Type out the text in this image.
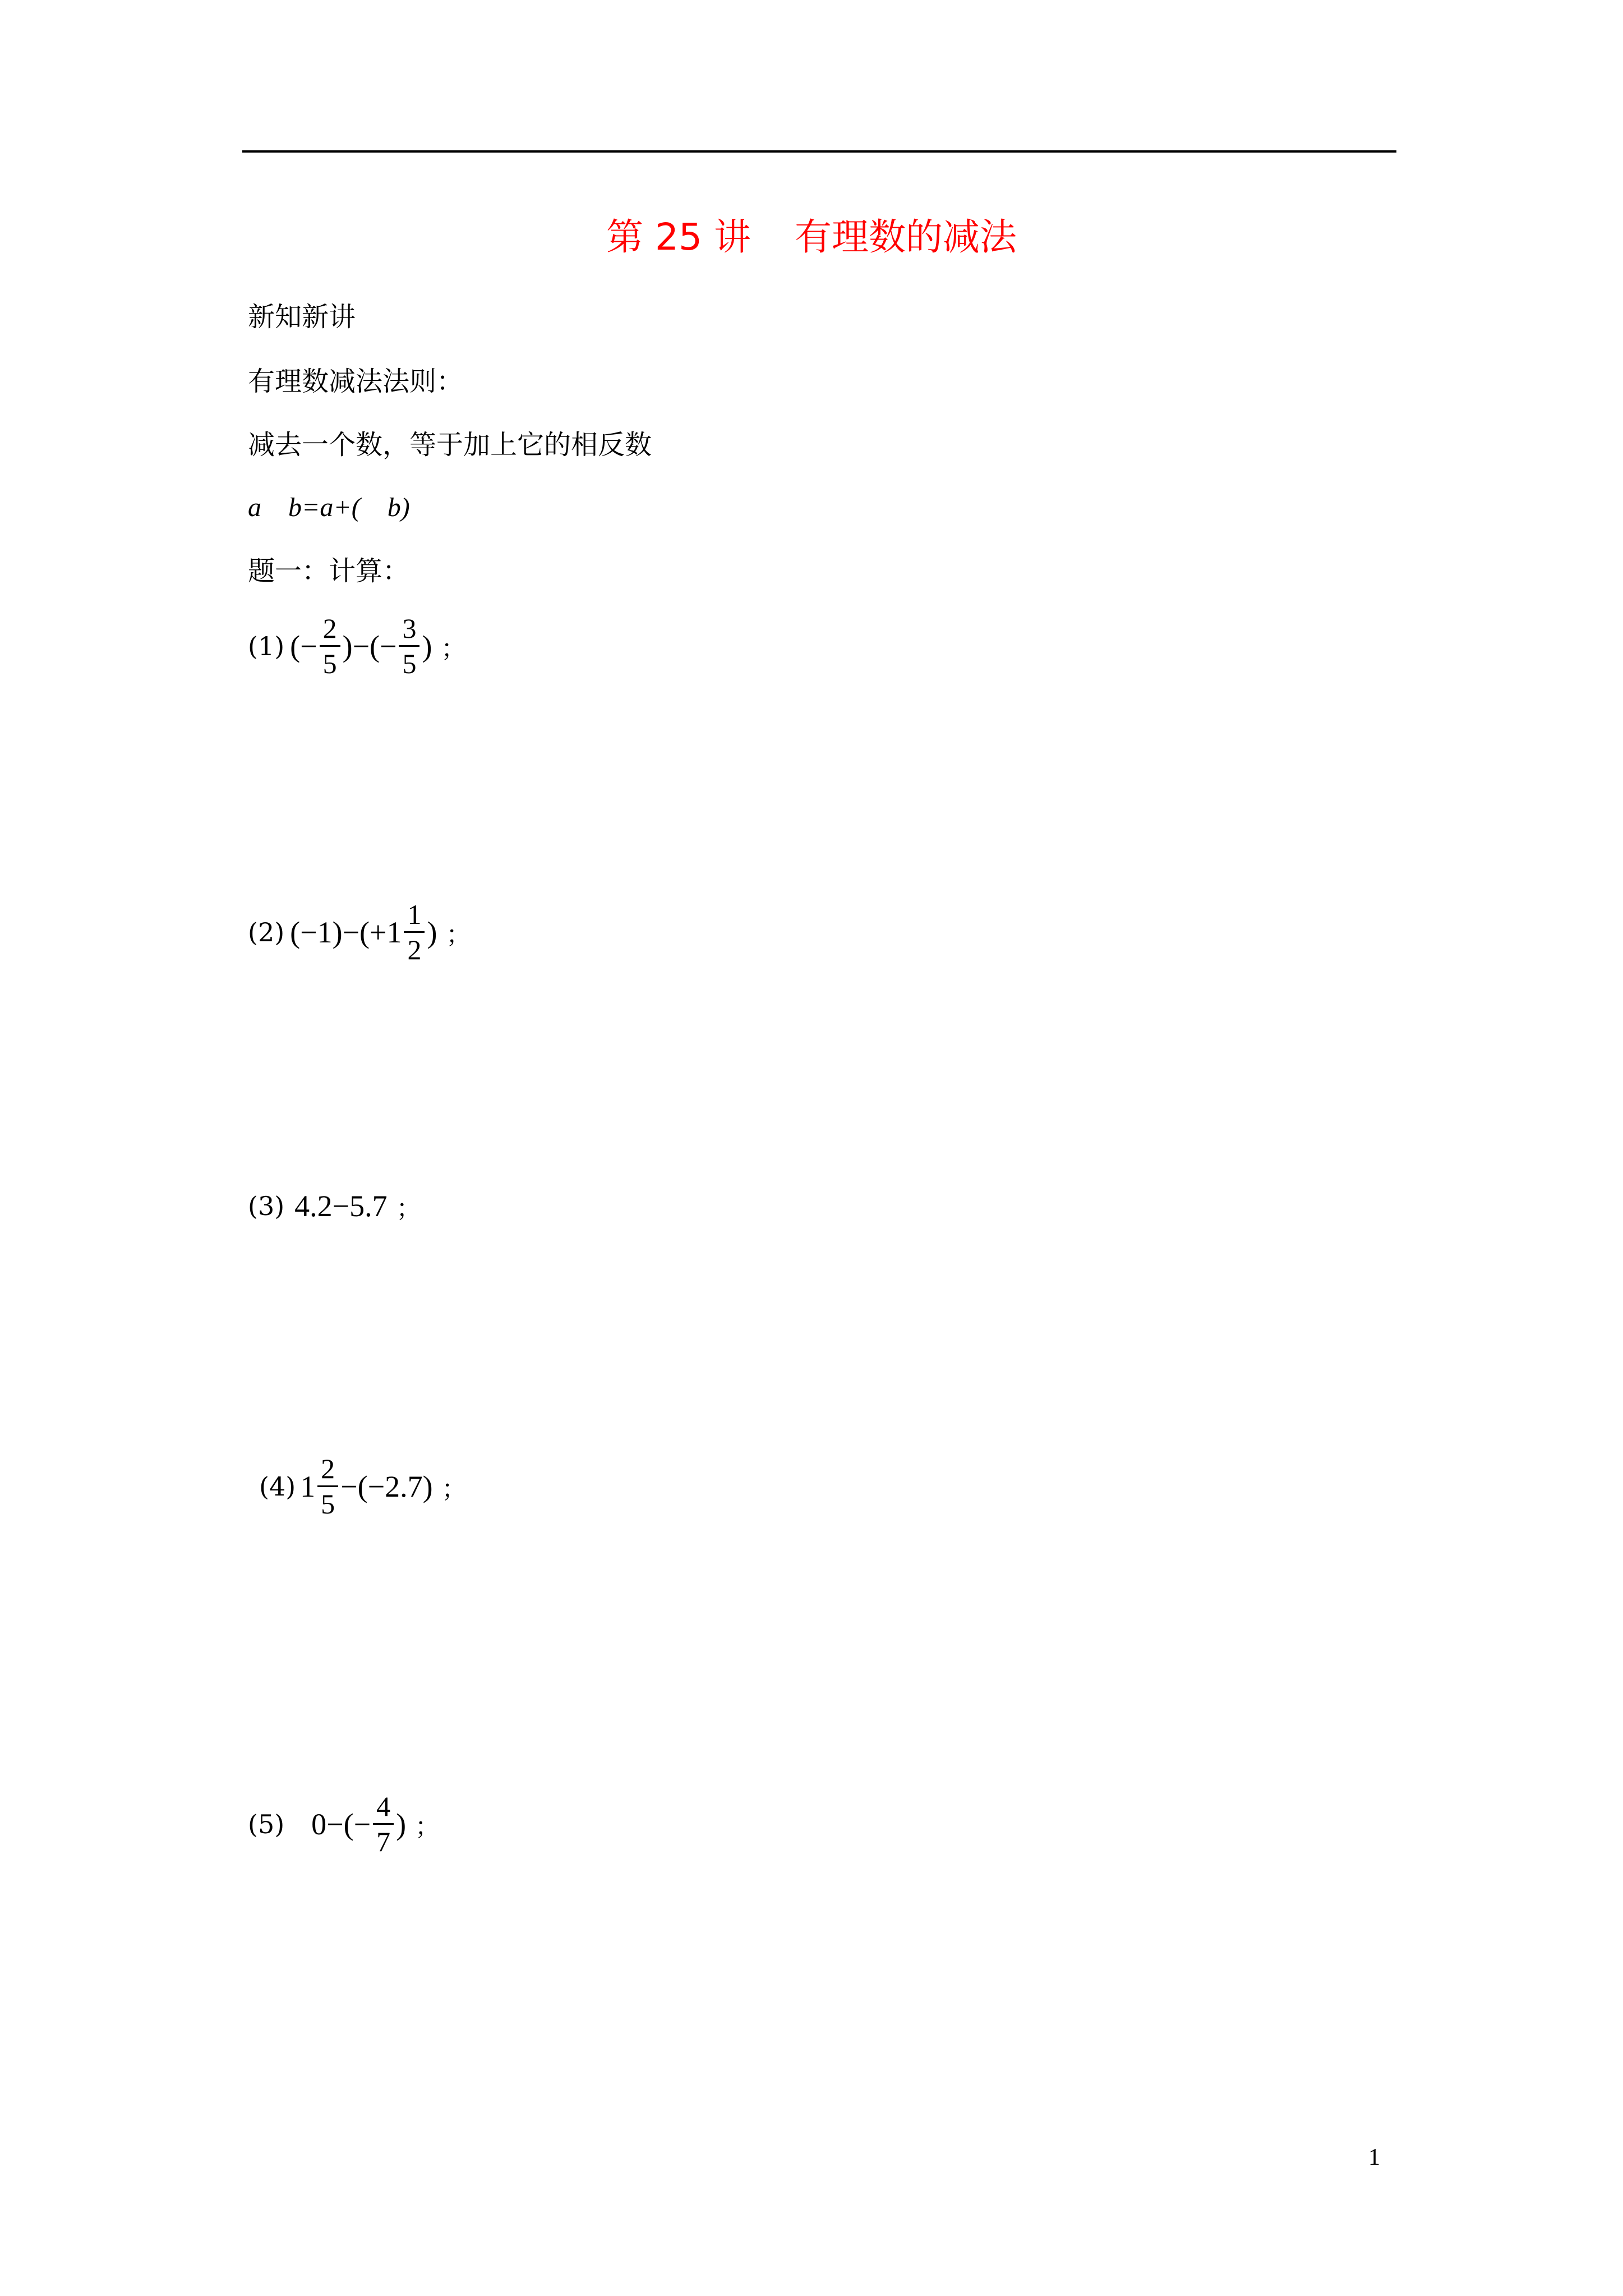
第 25 讲 有理数的减法
新知新讲
有理数减法法则：
减去一个数，等于加上它的相反数
a　b=a+(　b)
题一：计算：
(1) (− $\frac{2}{5}$ )−(− $\frac{3}{5}$ ) ；
(2) $(-1)-(+1 \frac{1}{2}$ ) ；
(3) 4.2−5.7 ；
(4) $1 \frac{2}{5} -(-2.7)$ ；
(5) $0-(- \frac{4}{7}$ ) ；
1
